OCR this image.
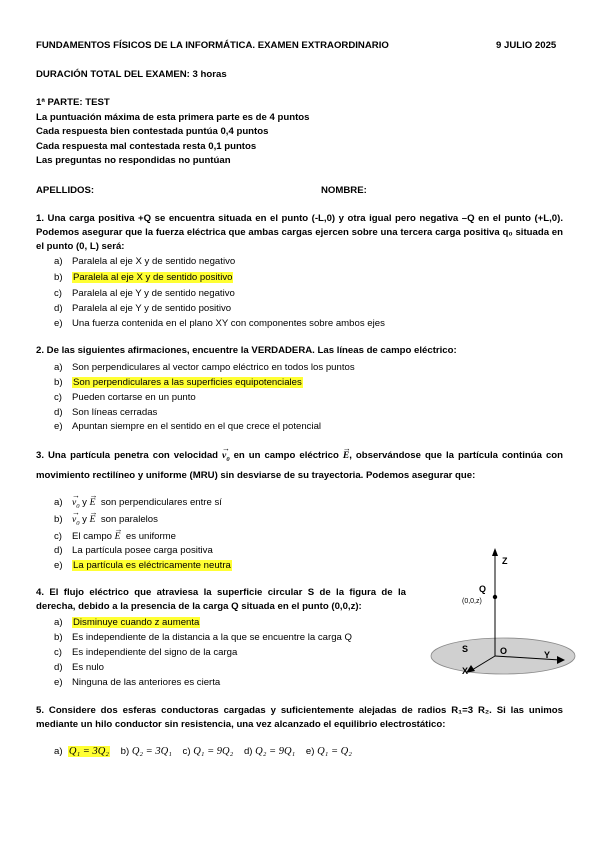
FUNDAMENTOS FÍSICOS DE LA INFORMÁTICA. EXAMEN EXTRAORDINARIO	9 JULIO 2025
DURACIÓN TOTAL DEL EXAMEN: 3 horas
1ª PARTE: TEST
La puntuación máxima de esta primera parte es de 4 puntos
Cada respuesta bien contestada puntúa 0,4 puntos
Cada respuesta mal contestada resta 0,1 puntos
Las preguntas no respondidas no puntúan
APELLIDOS:	NOMBRE:
1. Una carga positiva +Q se encuentra situada en el punto (-L,0) y otra igual pero negativa –Q en el punto (+L,0). Podemos asegurar que la fuerza eléctrica que ambas cargas ejercen sobre una tercera carga positiva q₀ situada en el punto (0, L) será:
a) Paralela al eje X y de sentido negativo
b) Paralela al eje X y de sentido positivo
c) Paralela al eje Y y de sentido negativo
d) Paralela al eje Y y de sentido positivo
e) Una fuerza contenida en el plano XY con componentes sobre ambos ejes
2. De las siguientes afirmaciones, encuentre la VERDADERA. Las líneas de campo eléctrico:
a) Son perpendiculares al vector campo eléctrico en todos los puntos
b) Son perpendiculares a las superficies equipotenciales
c) Pueden cortarse en un punto
d) Son líneas cerradas
e) Apuntan siempre en el sentido en el que crece el potencial
3. Una partícula penetra con velocidad → $v_0$ en un campo eléctrico → E, observándose que la partícula continúa con movimiento rectilíneo y uniforme (MRU) sin desviarse de su trayectoria. Podemos asegurar que:
$a) \to v_0$ y → E son perpendiculares entre sí
$b) \to v_0$ y → E son paralelos
c) El campo → E es uniforme
d) La partícula posee carga positiva
e) La partícula es eléctricamente neutra
4. El flujo eléctrico que atraviesa la superficie circular S de la figura de la derecha, debido a la presencia de la carga Q situada en el punto (0,0,z):
a) Disminuye cuando z aumenta
b) Es independiente de la distancia a la que se encuentre la carga Q
c) Es independiente del signo de la carga
d) Es nulo
e) Ninguna de las anteriores es cierta
Z
Q
(0,0,z)
S	O	Y
X
5. Considere dos esferas conductoras cargadas y suficientemente alejadas de radios R₁=3 R₂. Si las unimos mediante un hilo conductor sin resistencia, una vez alcanzado el equilibrio electrostático:
a) Q₁ = 3Q₂ b) Q₂ = 3Q₁ c) Q₁ = 9Q₂ d) Q₂ = 9Q₁ e) Q₁ = Q₂
